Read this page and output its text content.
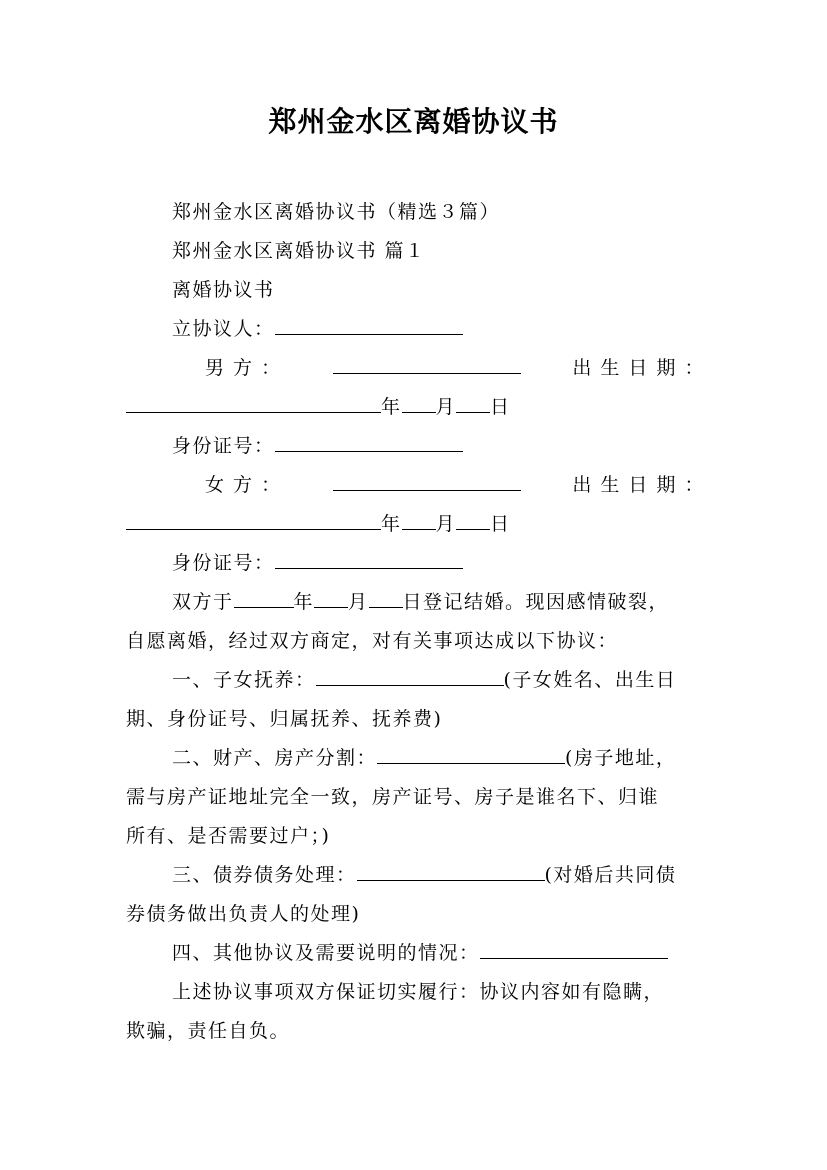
郑州金水区离婚协议书
郑州金水区离婚协议书（精选３篇）
郑州金水区离婚协议书 篇１
离婚协议书
立协议人：
男 方 ：	出 生 日 期 ：
年 月 日
身份证号：
女 方 ：	出 生 日 期 ：
年 月 日
身份证号：
双方于	年 月 日登记结婚。现因感情破裂，
自愿离婚，经过双方商定，对有关事项达成以下协议：
一、子女抚养：	(子女姓名、出生日
期、身份证号、归属抚养、抚养费)
二、财产、房产分割：	(房子地址，
需与房产证地址完全一致，房产证号、房子是谁名下、归谁
所有、是否需要过户；)
三、债券债务处理：	(对婚后共同债
券债务做出负责人的处理)
四、其他协议及需要说明的情况：
上述协议事项双方保证切实履行：协议内容如有隐瞒，
欺骗，责任自负。
